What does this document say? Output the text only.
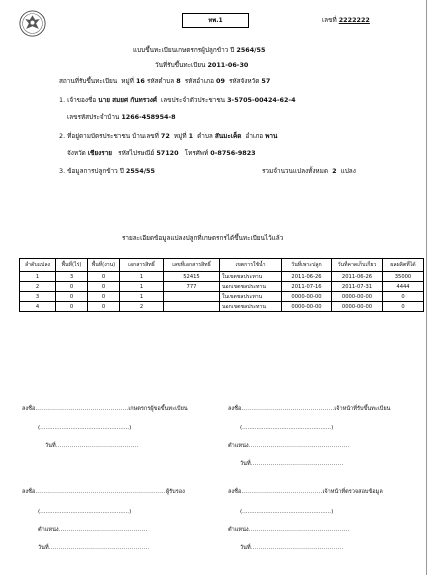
ทพ.1	เลขที่ 2222222
แบบขึ้นทะเบียนเกษตรกรผู้ปลูกข้าว ปี 2564/55
วันที่รับขึ้นทะเบียน 2011-06-30
สถานที่รับขึ้นทะเบียน หมู่ที่ 16 รหัสตำบล 8 รหัสอำเภอ 09 รหัสจังหวัด 57
1. เจ้าของชื่อ นาย สมยศ กันทรวงศ์ เลขประจำตัวประชาชน 3-5705-00424-62-4
เลขรหัสประจำบ้าน 1266-458954-8
2. ที่อยู่ตามบัตรประชาชน บ้านเลขที่ 72 หมู่ที่ 1 ตำบล สันมะเค็ด อำเภอ พาน
จังหวัด เชียงราย รหัสไปรษณีย์ 57120 โทรศัพท์ 0-8756-9823
3. ข้อมูลการปลูกข้าว ปี 2554/55	รวมจำนวนแปลงทั้งหมด 2 แปลง
รายละเอียดข้อมูลแปลงปลูกที่เกษตรกรได้ขึ้นทะเบียนไว้แล้ว
ลำดับแปลง	พื้นที่(ไร่)	พื้นที่(งาน)	เอกสารสิทธิ์	เลขที่เอกสารสิทธิ์	เขตการใช้น้ำ	วันที่เพาะปลูก	วันที่คาดเก็บเกี่ยว	ผลผลิตที่ได้
1	3	0	1	52415	ในเขตชลประทาน	2011-06-26	2011-06-26	35000
2	0	0	1	777	นอกเขตชลประทาน	2011-07-16	2011-07-31	4444
3	0	0	1		ในเขตชลประทาน	0000-00-00	0000-00-00	0
4	0	0	2		นอกเขตชลประทาน	0000-00-00	0000-00-00	0
ลงชื่อ...............................................เกษตรกรผู้ขอขึ้นทะเบียน
(..................................................)
วันที่..........................................
ลงชื่อ...............................................เจ้าหน้าที่รับขึ้นทะเบียน
(..................................................)
ตำแหน่ง...................................................
วันที่...............................................
ลงชื่อ..................................................................ผู้รับรอง
(..................................................)
ตำแหน่ง.............................................
วันที่...................................................
ลงชื่อ.........................................เจ้าหน้าที่ตรวจสอบข้อมูล
(..................................................)
ตำแหน่ง...................................................
วันที่...............................................
